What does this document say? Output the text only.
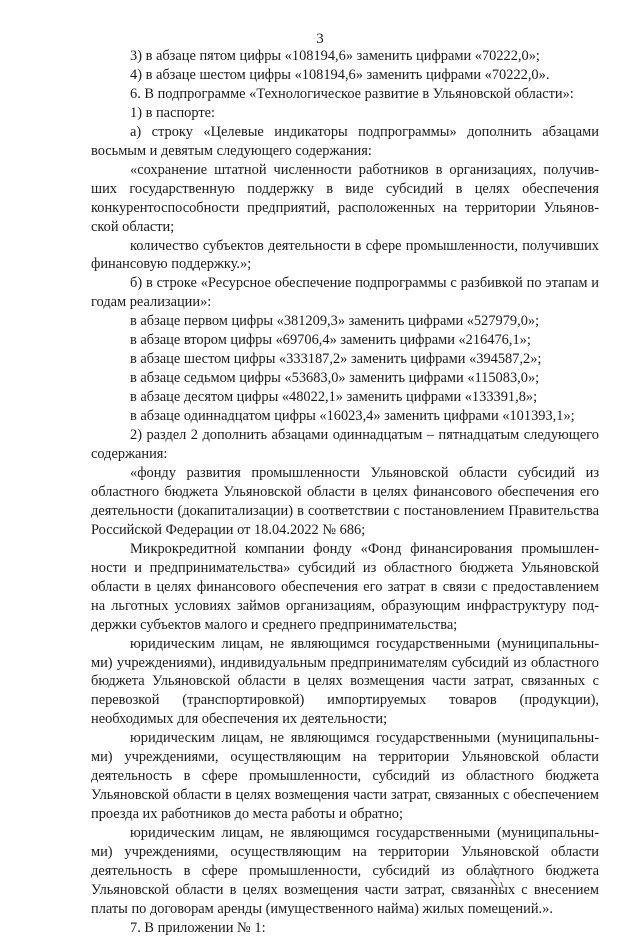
3

3) в абзаце пятом цифры «108194,6» заменить цифрами «70222,0»;

4) в абзаце шестом цифры «108194,6» заменить цифрами «70222,0».

6. В подпрограмме «Технологическое развитие в Ульяновской области»:

1) в паспорте:

а) строку «Целевые индикаторы подпрограммы» дополнить абзацами восьмым и девятым следующего содержания:

«сохранение штатной численности работников в организациях, получивших государственную поддержку в виде субсидий в целях обеспечения конкурентоспособности предприятий, расположенных на территории Ульяновской области;

количество субъектов деятельности в сфере промышленности, получивших финансовую поддержку.»;

б) в строке «Ресурсное обеспечение подпрограммы с разбивкой по этапам и годам реализации»:

в абзаце первом цифры «381209,3» заменить цифрами «527979,0»;

в абзаце втором цифры «69706,4» заменить цифрами «216476,1»;

в абзаце шестом цифры «333187,2» заменить цифрами «394587,2»;

в абзаце седьмом цифры «53683,0» заменить цифрами «115083,0»;

в абзаце десятом цифры «48022,1» заменить цифрами «133391,8»;

в абзаце одиннадцатом цифры «16023,4» заменить цифрами «101393,1»;

2) раздел 2 дополнить абзацами одиннадцатым – пятнадцатым следующего содержания:

«фонду развития промышленности Ульяновской области субсидий из областного бюджета Ульяновской области в целях финансового обеспечения его деятельности (докапитализации) в соответствии с постановлением Правительства Российской Федерации от 18.04.2022 № 686;

Микрокредитной компании фонду «Фонд финансирования промышленности и предпринимательства» субсидий из областного бюджета Ульяновской области в целях финансового обеспечения его затрат в связи с предоставлением на льготных условиях займов организациям, образующим инфраструктуру поддержки субъектов малого и среднего предпринимательства;

юридическим лицам, не являющимся государственными (муниципальными) учреждениями), индивидуальным предпринимателям субсидий из областного бюджета Ульяновской области в целях возмещения части затрат, связанных с перевозкой (транспортировкой) импортируемых товаров (продукции), необходимых для обеспечения их деятельности;

юридическим лицам, не являющимся государственными (муниципальными) учреждениями, осуществляющим на территории Ульяновской области деятельность в сфере промышленности, субсидий из областного бюджета Ульяновской области в целях возмещения части затрат, связанных с обеспечением проезда их работников до места работы и обратно;

юридическим лицам, не являющимся государственными (муниципальными) учреждениями, осуществляющим на территории Ульяновской области деятельность в сфере промышленности, субсидий из областного бюджета Ульяновской области в целях возмещения части затрат, связанных с внесением платы по договорам аренды (имущественного найма) жилых помещений.».

7. В приложении № 1:
